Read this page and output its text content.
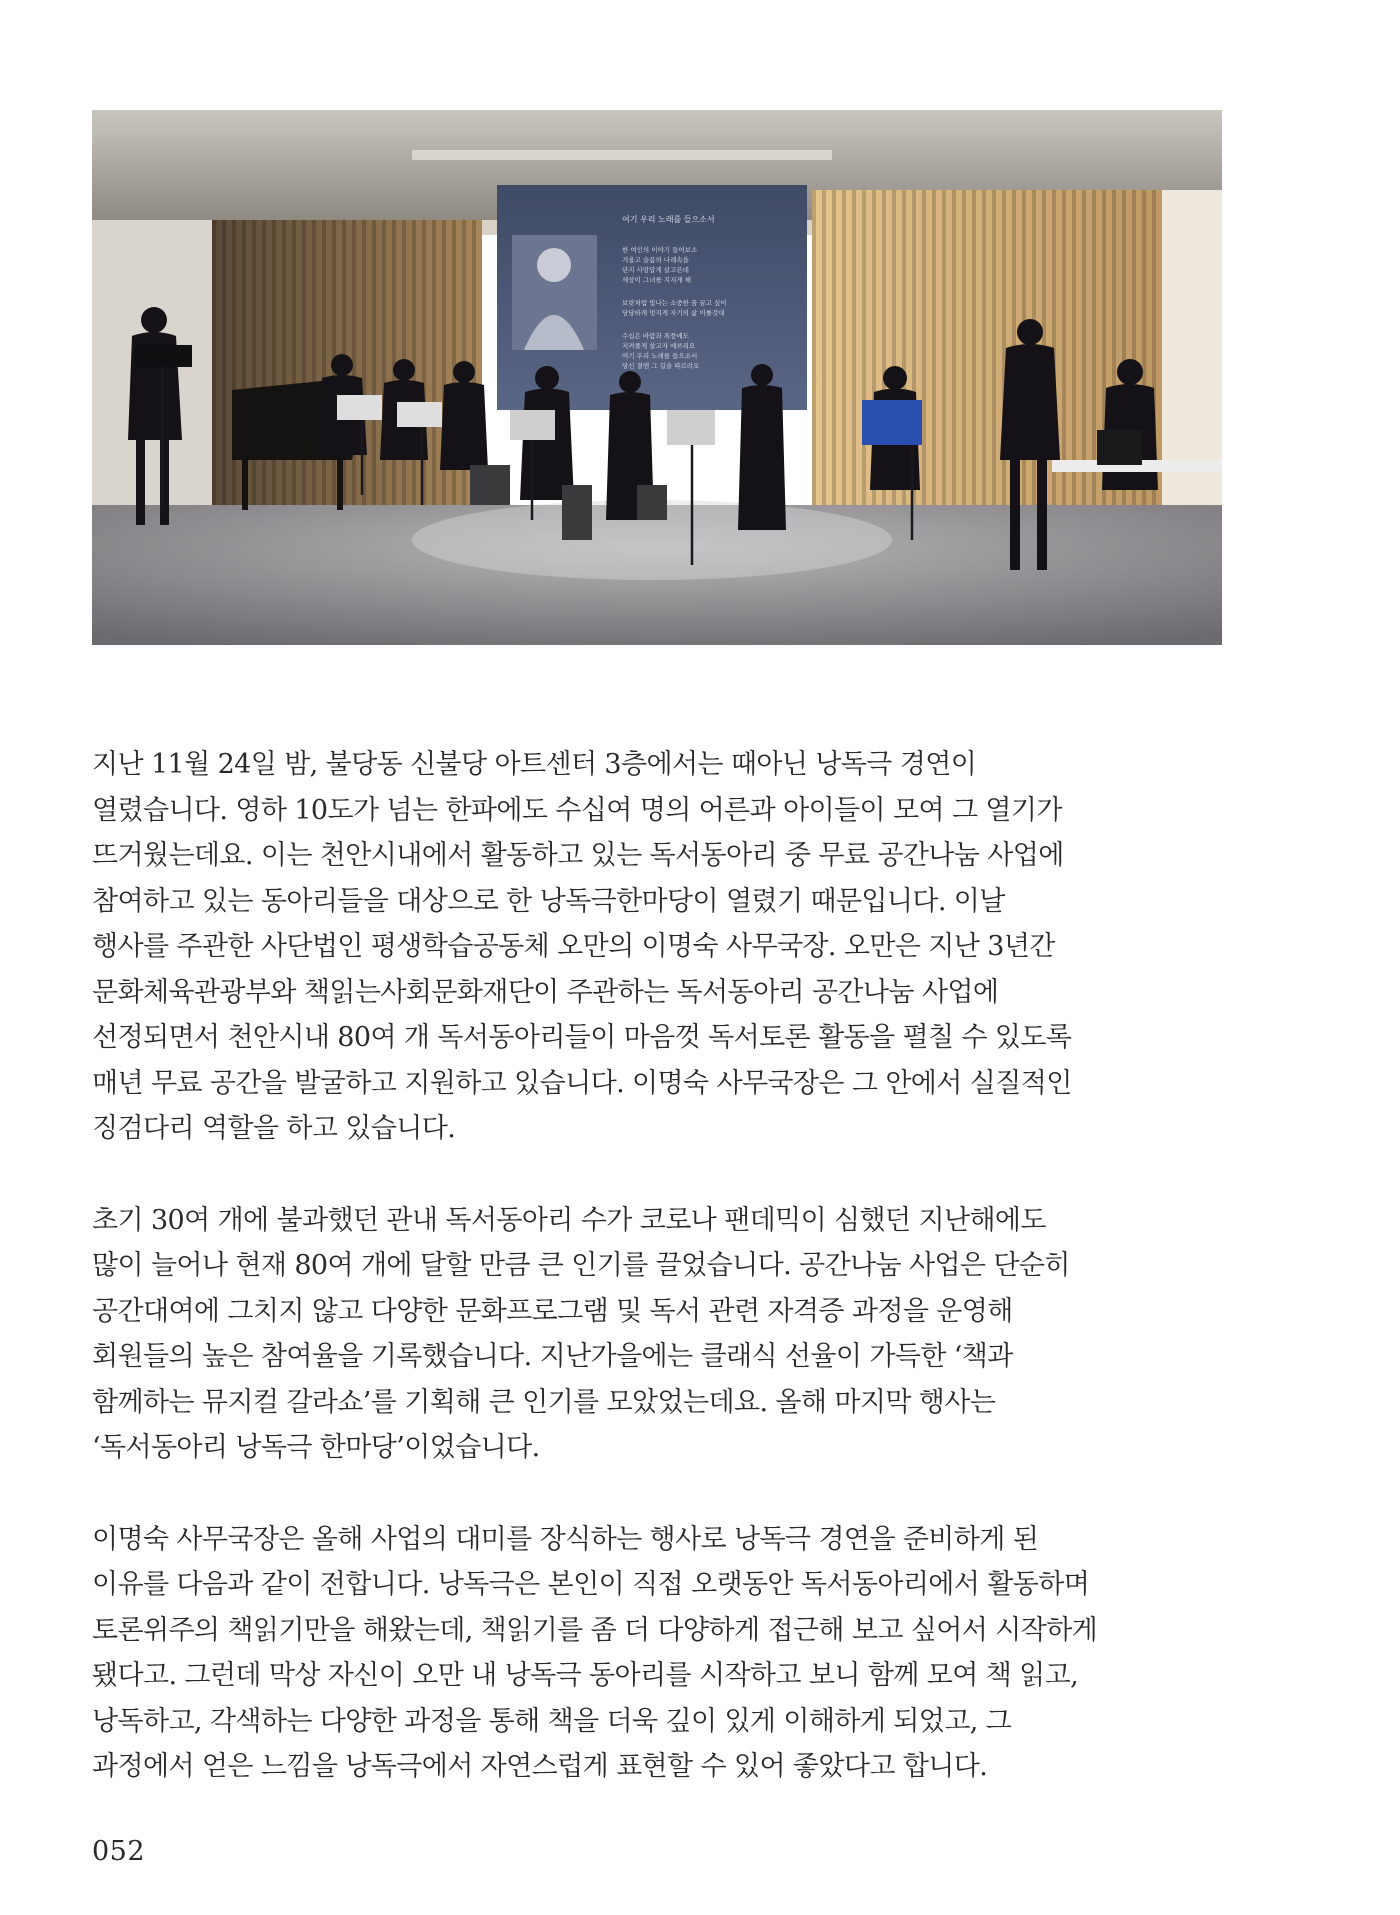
여기 우리 노래를 들으소서
한 여인의 이야기 들어보소
겨울고 슬픔의 나래속을
단지 사랑답게 살고픈데
세상이 그녀를 지지게 해
보랏처럼 빛나는 소중한 꿈 꿈고 싶어
당당하게 멋지게 자기의 삶 이룰것대
수십은 바람과 폭풍에도
지켜줄게 살고자 애쓰리요
여기 우리 노래를 들으소서
당신 곁엔 그 길을 따르려오

지난 11월 24일 밤, 불당동 신불당 아트센터 3층에서는 때아닌 낭독극 경연이
열렸습니다. 영하 10도가 넘는 한파에도 수십여 명의 어른과 아이들이 모여 그 열기가
뜨거웠는데요. 이는 천안시내에서 활동하고 있는 독서동아리 중 무료 공간나눔 사업에
참여하고 있는 동아리들을 대상으로 한 낭독극한마당이 열렸기 때문입니다. 이날
행사를 주관한 사단법인 평생학습공동체 오만의 이명숙 사무국장. 오만은 지난 3년간
문화체육관광부와 책읽는사회문화재단이 주관하는 독서동아리 공간나눔 사업에
선정되면서 천안시내 80여 개 독서동아리들이 마음껏 독서토론 활동을 펼칠 수 있도록
매년 무료 공간을 발굴하고 지원하고 있습니다. 이명숙 사무국장은 그 안에서 실질적인
징검다리 역할을 하고 있습니다.

초기 30여 개에 불과했던 관내 독서동아리 수가 코로나 팬데믹이 심했던 지난해에도
많이 늘어나 현재 80여 개에 달할 만큼 큰 인기를 끌었습니다. 공간나눔 사업은 단순히
공간대여에 그치지 않고 다양한 문화프로그램 및 독서 관련 자격증 과정을 운영해
회원들의 높은 참여율을 기록했습니다. 지난가을에는 클래식 선율이 가득한 ‘책과
함께하는 뮤지컬 갈라쇼’를 기획해 큰 인기를 모았었는데요. 올해 마지막 행사는
‘독서동아리 낭독극 한마당’이었습니다.

이명숙 사무국장은 올해 사업의 대미를 장식하는 행사로 낭독극 경연을 준비하게 된
이유를 다음과 같이 전합니다. 낭독극은 본인이 직접 오랫동안 독서동아리에서 활동하며
토론위주의 책읽기만을 해왔는데, 책읽기를 좀 더 다양하게 접근해 보고 싶어서 시작하게
됐다고. 그런데 막상 자신이 오만 내 낭독극 동아리를 시작하고 보니 함께 모여 책 읽고,
낭독하고, 각색하는 다양한 과정을 통해 책을 더욱 깊이 있게 이해하게 되었고, 그
과정에서 얻은 느낌을 낭독극에서 자연스럽게 표현할 수 있어 좋았다고 합니다.

052
